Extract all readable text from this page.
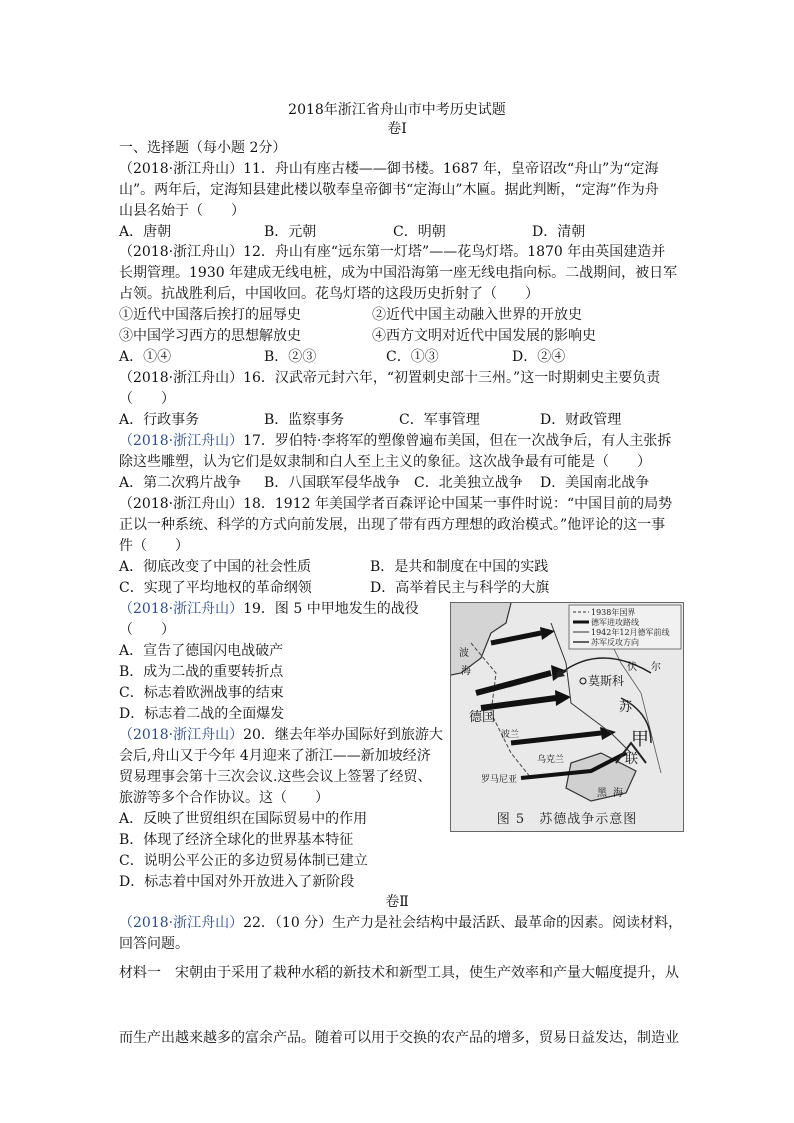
2018年浙江省舟山市中考历史试题
卷Ⅰ
一、选择题（每小题 2分）
（2018·浙江舟山）11．舟山有座古楼——御书楼。1687 年，皇帝诏改“舟山”为“定海
山”。两年后，定海知县建此楼以敬奉皇帝御书“定海山”木匾。据此判断，“定海”作为舟
山县名始于（　　）
A．唐朝	B．元朝	C．明朝	D．清朝
（2018·浙江舟山）12．舟山有座“远东第一灯塔”——花鸟灯塔。1870 年由英国建造并
长期管理。1930 年建成无线电桩，成为中国沿海第一座无线电指向标。二战期间，被日军
占领。抗战胜利后，中国收回。花鸟灯塔的这段历史折射了（　　）
①近代中国落后挨打的屈辱史	②近代中国主动融入世界的开放史
③中国学习西方的思想解放史	④西方文明对近代中国发展的影响史
A．①④	B．②③	C．①③	D．②④
（2018·浙江舟山）16．汉武帝元封六年，“初置刺史部十三州。”这一时期刺史主要负责
（　　）
A．行政事务	B．监察事务	C．军事管理	D．财政管理
（2018·浙江舟山）17．罗伯特·李将军的塑像曾遍布美国，但在一次战争后，有人主张拆
除这些雕塑，认为它们是奴隶制和白人至上主义的象征。这次战争最有可能是（　　）
A．第二次鸦片战争 B．八国联军侵华战争 C．北美独立战争 D．美国南北战争
（2018·浙江舟山）18．1912 年美国学者百森评论中国某一事件时说：“中国目前的局势
正以一种系统、科学的方式向前发展，出现了带有西方理想的政治模式。”他评论的这一事
件（　　）
A．彻底改变了中国的社会性质	B．是共和制度在中国的实践
C．实现了平均地权的革命纲领	D．高举着民主与科学的大旗
（2018·浙江舟山）19．图 5 中甲地发生的战役
（　　）
A．宣告了德国闪电战破产
B．成为二战的重要转折点
C．标志着欧洲战事的结束
D．标志着二战的全面爆发
（2018·浙江舟山）20．继去年举办国际好到旅游大
会后,舟山又于今年 4月迎来了浙江——新加坡经济
贸易理事会第十三次会议.这些会议上签署了经贸、
旅游等多个合作协议。这（　　）
A．反映了世贸组织在国际贸易中的作用
B．体现了经济全球化的世界基本特征
C．说明公平公正的多边贸易体制已建立
D．标志着中国对外开放进入了新阶段
卷Ⅱ
（2018·浙江舟山）22．（10 分）生产力是社会结构中最活跃、最革命的因素。阅读材料，
回答问题。
材料一　宋朝由于采用了栽种水稻的新技术和新型工具，使生产效率和产量大幅度提升，从
而生产出越来越多的富余产品。随着可以用于交换的农产品的增多，贸易日益发达，制造业
1938年国界
德军进攻路线
1942年12月德军前线
苏军反攻方向
莫斯科
德国
苏
联
甲
乌克兰
罗马尼亚
黑 海
波兰
波
海	伏 尔
图 5　苏德战争示意图
